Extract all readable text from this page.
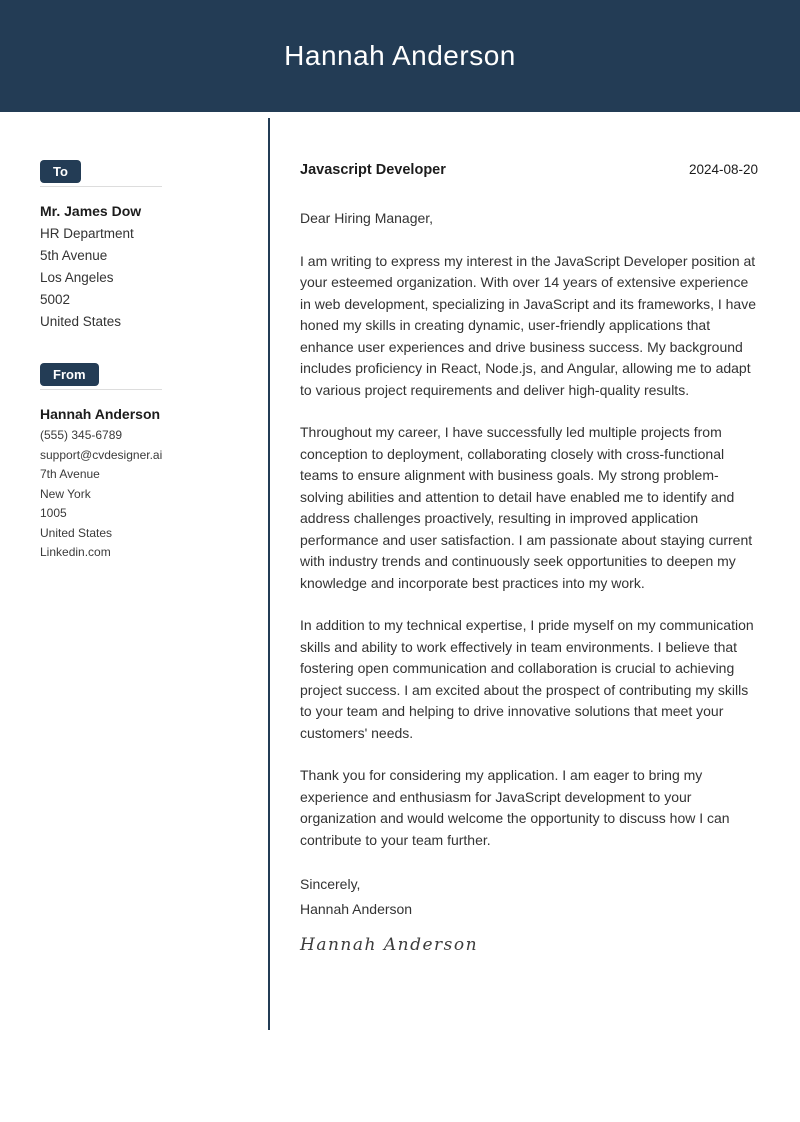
Hannah Anderson
To
Mr. James Dow
HR Department
5th Avenue
Los Angeles
5002
United States
From
Hannah Anderson
(555) 345-6789
support@cvdesigner.ai
7th Avenue
New York
1005
United States
Linkedin.com
Javascript Developer	2024-08-20

Dear Hiring Manager,

I am writing to express my interest in the JavaScript Developer position at your esteemed organization. With over 14 years of extensive experience in web development, specializing in JavaScript and its frameworks, I have honed my skills in creating dynamic, user-friendly applications that enhance user experiences and drive business success. My background includes proficiency in React, Node.js, and Angular, allowing me to adapt to various project requirements and deliver high-quality results.

Throughout my career, I have successfully led multiple projects from conception to deployment, collaborating closely with cross-functional teams to ensure alignment with business goals. My strong problem-solving abilities and attention to detail have enabled me to identify and address challenges proactively, resulting in improved application performance and user satisfaction. I am passionate about staying current with industry trends and continuously seek opportunities to deepen my knowledge and incorporate best practices into my work.

In addition to my technical expertise, I pride myself on my communication skills and ability to work effectively in team environments. I believe that fostering open communication and collaboration is crucial to achieving project success. I am excited about the prospect of contributing my skills to your team and helping to drive innovative solutions that meet your customers' needs.

Thank you for considering my application. I am eager to bring my experience and enthusiasm for JavaScript development to your organization and would welcome the opportunity to discuss how I can contribute to your team further.

Sincerely,
Hannah Anderson
Hannah Anderson
